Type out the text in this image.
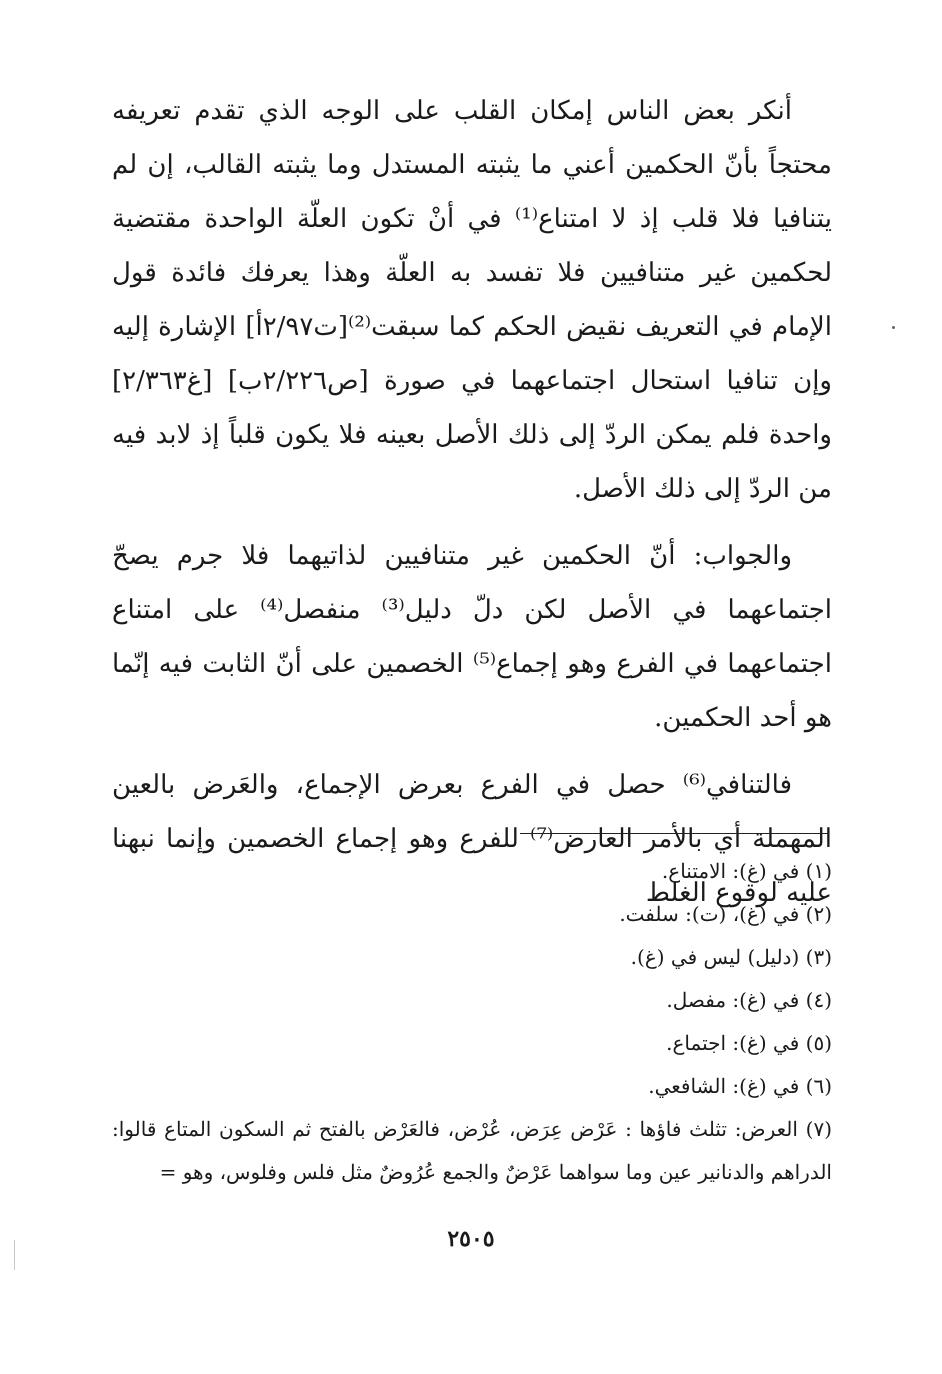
أنكر بعض الناس إمكان القلب على الوجه الذي تقدم تعريفه محتجاً بأنّ الحكمين أعني ما يثبته المستدل وما يثبته القالب، إن لم يتنافيا فلا قلب إذ لا امتناع⁽¹⁾ في أنْ تكون العلّة الواحدة مقتضية لحكمين غير متنافيين فلا تفسد به العلّة وهذا يعرفك فائدة قول الإمام في التعريف نقيض الحكم كما سبقت⁽²⁾[ت٢/٩٧أ] الإشارة إليه وإن تنافيا استحال اجتماعهما في صورة [ص٢/٢٢٦ب] [غ٢/٣٦٣] واحدة فلم يمكن الردّ إلى ذلك الأصل بعينه فلا يكون قلباً إذ لابد فيه من الردّ إلى ذلك الأصل.

والجواب: أنّ الحكمين غير متنافيين لذاتيهما فلا جرم يصحّ اجتماعهما في الأصل لكن دلّ دليل⁽³⁾ منفصل⁽⁴⁾ على امتناع اجتماعهما في الفرع وهو إجماع⁽⁵⁾ الخصمين على أنّ الثابت فيه إنّما هو أحد الحكمين.

فالتنافي⁽⁶⁾ حصل في الفرع بعرض الإجماع، والعَرض بالعين المهملة أي بالأمر العارض⁽⁷⁾ للفرع وهو إجماع الخصمين وإنما نبهنا عليه لوقوع الغلط

(١) في (غ): الامتناع.

(٢) في (غ)، (ت): سلفت.

(٣) (دليل) ليس في (غ).

(٤) في (غ): مفصل.

(٥) في (غ): اجتماع.

(٦) في (غ): الشافعي.

(٧) العرض: تثلث فاؤها : عَرْض عِرَض، عُرْض، فالعَرْض بالفتح ثم السكون المتاع قالوا: الدراهم والدنانير عين وما سواهما عَرْضٌ والجمع عُرُوضٌ مثل فلس وفلوس، وهو =

٢٥٠٥
